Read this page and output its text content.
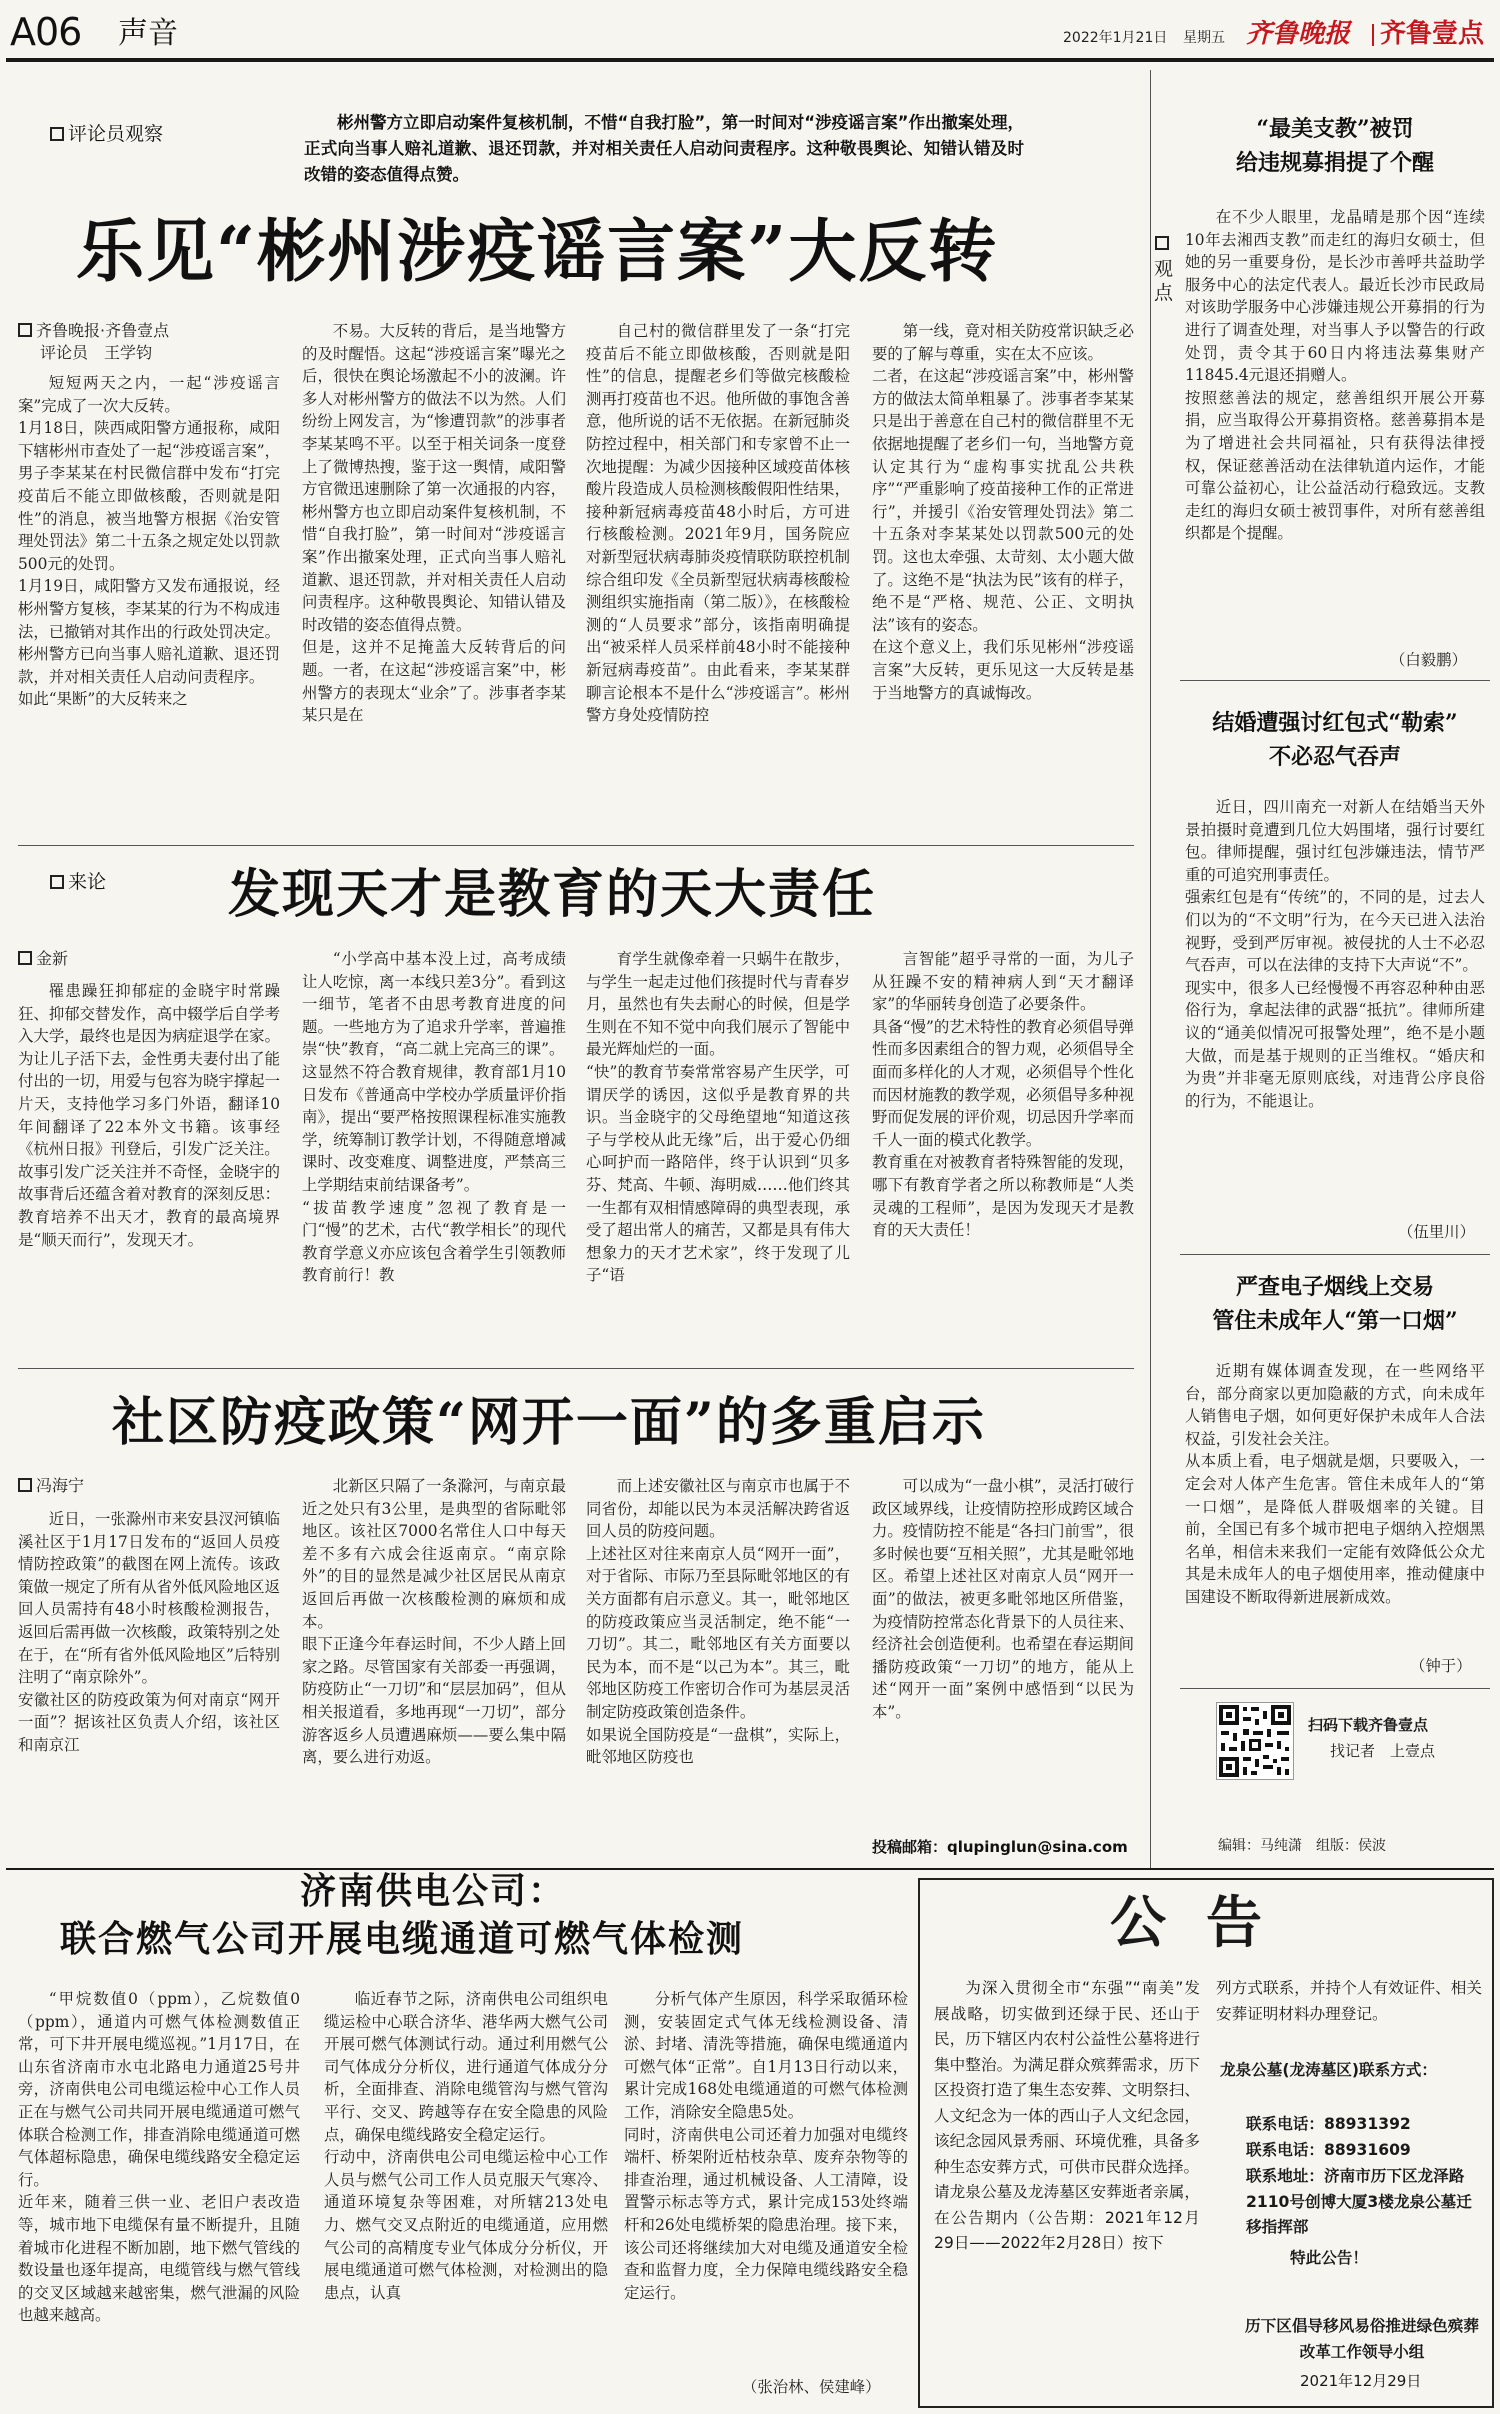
A06 声音	2022年1月21日 星期五 齐鲁晚报 齐鲁壹点
评论员观察
彬州警方立即启动案件复核机制，不惜“自我打脸”，第一时间对“涉疫谣言案”作出撤案处理，正式向当事人赔礼道歉、退还罚款，并对相关责任人启动问责程序。这种敬畏舆论、知错认错及时改错的姿态值得点赞。
乐见“彬州涉疫谣言案”大反转
齐鲁晚报·齐鲁壹点
评论员　王学钧
短短两天之内，一起“涉疫谣言案”完成了一次大反转。
1月18日，陕西咸阳警方通报称，咸阳下辖彬州市查处了一起“涉疫谣言案”，男子李某某在村民微信群中发布“打完疫苗后不能立即做核酸，否则就是阳性”的消息，被当地警方根据《治安管理处罚法》第二十五条之规定处以罚款500元的处罚。
1月19日，咸阳警方又发布通报说，经彬州警方复核，李某某的行为不构成违法，已撤销对其作出的行政处罚决定。彬州警方已向当事人赔礼道歉、退还罚款，并对相关责任人启动问责程序。
如此“果断”的大反转来之
不易。大反转的背后，是当地警方的及时醒悟。这起“涉疫谣言案”曝光之后，很快在舆论场激起不小的波澜。许多人对彬州警方的做法不以为然。人们纷纷上网发言，为“惨遭罚款”的涉事者李某某鸣不平。以至于相关词条一度登上了微博热搜，鉴于这一舆情，咸阳警方官微迅速删除了第一次通报的内容，彬州警方也立即启动案件复核机制，不惜“自我打脸”，第一时间对“涉疫谣言案”作出撤案处理，正式向当事人赔礼道歉、退还罚款，并对相关责任人启动问责程序。这种敬畏舆论、知错认错及时改错的姿态值得点赞。
但是，这并不足掩盖大反转背后的问题。一者，在这起“涉疫谣言案”中，彬州警方的表现太“业余”了。涉事者李某某只是在
自己村的微信群里发了一条“打完疫苗后不能立即做核酸，否则就是阳性”的信息，提醒老乡们等做完核酸检测再打疫苗也不迟。他所做的事饱含善意，他所说的话不无依据。在新冠肺炎防控过程中，相关部门和专家曾不止一次地提醒：为减少因接种区域疫苗体核酸片段造成人员检测核酸假阳性结果，接种新冠病毒疫苗48小时后，方可进行核酸检测。2021年9月，国务院应对新型冠状病毒肺炎疫情联防联控机制综合组印发《全员新型冠状病毒核酸检测组织实施指南（第二版）》，在核酸检测的“人员要求”部分，该指南明确提出“被采样人员采样前48小时不能接种新冠病毒疫苗”。由此看来，李某某群聊言论根本不是什么“涉疫谣言”。彬州警方身处疫情防控
第一线，竟对相关防疫常识缺乏必要的了解与尊重，实在太不应该。
二者，在这起“涉疫谣言案”中，彬州警方的做法太简单粗暴了。涉事者李某某只是出于善意在自己村的微信群里不无依据地提醒了老乡们一句，当地警方竟认定其行为“虚构事实扰乱公共秩序”“严重影响了疫苗接种工作的正常进行”，并援引《治安管理处罚法》第二十五条对李某某处以罚款500元的处罚。这也太牵强、太苛刻、太小题大做了。这绝不是“执法为民”该有的样子，绝不是“严格、规范、公正、文明执法”该有的姿态。
在这个意义上，我们乐见彬州“涉疫谣言案”大反转，更乐见这一大反转是基于当地警方的真诚悔改。
来论 发现天才是教育的天大责任
金新
罹患躁狂抑郁症的金晓宇时常躁狂、抑郁交替发作，高中辍学后自学考入大学，最终也是因为病症退学在家。为让儿子活下去，金性勇夫妻付出了能付出的一切，用爱与包容为晓宇撑起一片天，支持他学习多门外语，翻译10年间翻译了22本外文书籍。该事经《杭州日报》刊登后，引发广泛关注。
故事引发广泛关注并不奇怪，金晓宇的故事背后还蕴含着对教育的深刻反思：教育培养不出天才，教育的最高境界是“顺天而行”，发现天才。
“小学高中基本没上过，高考成绩让人吃惊，离一本线只差3分”。看到这一细节，笔者不由思考教育进度的问题。一些地方为了追求升学率，普遍推崇“快”教育，“高二就上完高三的课”。
这显然不符合教育规律，教育部1月10日发布《普通高中学校办学质量评价指南》，提出“要严格按照课程标准实施教学，统筹制订教学计划，不得随意增减课时、改变难度、调整进度，严禁高三上学期结束前结课备考”。
“拔苗教学速度”忽视了教育是一门“慢”的艺术，古代“教学相长”的现代教育学意义亦应该包含着学生引领教师教育前行！教
育学生就像牵着一只蜗牛在散步，与学生一起走过他们孩提时代与青春岁月，虽然也有失去耐心的时候，但是学生则在不知不觉中向我们展示了智能中最光辉灿烂的一面。
“快”的教育节奏常常容易产生厌学，可谓厌学的诱因，这似乎是教育界的共识。当金晓宇的父母绝望地“知道这孩子与学校从此无缘”后，出于爱心仍细心呵护而一路陪伴，终于认识到“贝多芬、梵高、牛顿、海明威……他们终其一生都有双相情感障碍的典型表现，承受了超出常人的痛苦，又都是具有伟大想象力的天才艺术家”，终于发现了儿子“语
言智能”超乎寻常的一面，为儿子从狂躁不安的精神病人到“天才翻译家”的华丽转身创造了必要条件。
具备“慢”的艺术特性的教育必须倡导弹性而多因素组合的智力观，必须倡导全面而多样化的人才观，必须倡导个性化而因材施教的教学观，必须倡导多种视野而促发展的评价观，切忌因升学率而千人一面的模式化教学。
教育重在对被教育者特殊智能的发现，哪下有教育学者之所以称教师是“人类灵魂的工程师”，是因为发现天才是教育的天大责任！
社区防疫政策“网开一面”的多重启示
冯海宁
近日，一张滁州市来安县汊河镇临溪社区于1月17日发布的“返回人员疫情防控政策”的截图在网上流传。该政策做一规定了所有从省外低风险地区返回人员需持有48小时核酸检测报告，返回后需再做一次核酸，政策特别之处在于，在“所有省外低风险地区”后特别注明了“南京除外”。
安徽社区的防疫政策为何对南京“网开一面”？据该社区负责人介绍，该社区和南京江
北新区只隔了一条滁河，与南京最近之处只有3公里，是典型的省际毗邻地区。该社区7000名常住人口中每天差不多有六成会往返南京。“南京除外”的目的显然是减少社区居民从南京返回后再做一次核酸检测的麻烦和成本。
眼下正逢今年春运时间，不少人踏上回家之路。尽管国家有关部委一再强调，防疫防止“一刀切”和“层层加码”，但从相关报道看，多地再现“一刀切”，部分游客返乡人员遭遇麻烦——要么集中隔离，要么进行劝返。
而上述安徽社区与南京市也属于不同省份，却能以民为本灵活解决跨省返回人员的防疫问题。
上述社区对往来南京人员“网开一面”，对于省际、市际乃至县际毗邻地区的有关方面都有启示意义。其一，毗邻地区的防疫政策应当灵活制定，绝不能“一刀切”。其二，毗邻地区有关方面要以民为本，而不是“以己为本”。其三，毗邻地区防疫工作密切合作可为基层灵活制定防疫政策创造条件。
如果说全国防疫是“一盘棋”，实际上，毗邻地区防疫也
可以成为“一盘小棋”，灵活打破行政区域界线，让疫情防控形成跨区域合力。疫情防控不能是“各扫门前雪”，很多时候也要“互相关照”，尤其是毗邻地区。希望上述社区对南京人员“网开一面”的做法，被更多毗邻地区所借鉴，为疫情防控常态化背景下的人员往来、经济社会创造便利。也希望在春运期间播防疫政策“一刀切”的地方，能从上述“网开一面”案例中感悟到“以民为本”。
投稿邮箱：qlupinglun@sina.com
观点
“最美支教”被罚
给违规募捐提了个醒
在不少人眼里，龙晶晴是那个因“连续10年去湘西支教”而走红的海归女硕士，但她的另一重要身份，是长沙市善呼共益助学服务中心的法定代表人。最近长沙市民政局对该助学服务中心涉嫌违规公开募捐的行为进行了调查处理，对当事人予以警告的行政处罚，责令其于60日内将违法募集财产11845.4元退还捐赠人。
按照慈善法的规定，慈善组织开展公开募捐，应当取得公开募捐资格。慈善募捐本是为了增进社会共同福祉，只有获得法律授权，保证慈善活动在法律轨道内运作，才能可靠公益初心，让公益活动行稳致远。支教走红的海归女硕士被罚事件，对所有慈善组织都是个提醒。
（白毅鹏）
结婚遭强讨红包式“勒索”
不必忍气吞声
近日，四川南充一对新人在结婚当天外景拍摄时竟遭到几位大妈围堵，强行讨要红包。律师提醒，强讨红包涉嫌违法，情节严重的可追究刑事责任。
强索红包是有“传统”的，不同的是，过去人们以为的“不文明”行为，在今天已进入法治视野，受到严厉审视。被侵扰的人士不必忍气吞声，可以在法律的支持下大声说“不”。
现实中，很多人已经慢慢不再容忍种种由恶俗行为，拿起法律的武器“抵抗”。律师所建议的“通美似情况可报警处理”，绝不是小题大做，而是基于规则的正当维权。“婚庆和为贵”并非毫无原则底线，对违背公序良俗的行为，不能退让。
（伍里川）
严查电子烟线上交易
管住未成年人“第一口烟”
近期有媒体调查发现，在一些网络平台，部分商家以更加隐蔽的方式，向未成年人销售电子烟，如何更好保护未成年人合法权益，引发社会关注。
从本质上看，电子烟就是烟，只要吸入，一定会对人体产生危害。管住未成年人的“第一口烟”，是降低人群吸烟率的关键。目前，全国已有多个城市把电子烟纳入控烟黑名单，相信未来我们一定能有效降低公众尤其是未成年人的电子烟使用率，推动健康中国建设不断取得新进展新成效。
（钟于）
扫码下载齐鲁壹点
找记者　上壹点
编辑：马纯潇　组版：侯波
济南供电公司：
联合燃气公司开展电缆通道可燃气体检测
“甲烷数值0（ppm），乙烷数值0（ppm），通道内可燃气体检测数值正常，可下井开展电缆巡视。”1月17日，在山东省济南市水屯北路电力通道25号井旁，济南供电公司电缆运检中心工作人员正在与燃气公司共同开展电缆通道可燃气体联合检测工作，排查消除电缆通道可燃气体超标隐患，确保电缆线路安全稳定运行。
近年来，随着三供一业、老旧户表改造等，城市地下电缆保有量不断提升，且随着城市化进程不断加剧，地下燃气管线的数设量也逐年提高，电缆管线与燃气管线的交叉区域越来越密集，燃气泄漏的风险也越来越高。
临近春节之际，济南供电公司组织电缆运检中心联合济华、港华两大燃气公司开展可燃气体测试行动。通过利用燃气公司气体成分分析仪，进行通道气体成分分析，全面排查、消除电缆管沟与燃气管沟平行、交叉、跨越等存在安全隐患的风险点，确保电缆线路安全稳定运行。
行动中，济南供电公司电缆运检中心工作人员与燃气公司工作人员克服天气寒冷、通道环境复杂等困难，对所辖213处电力、燃气交叉点附近的电缆通道，应用燃气公司的高精度专业气体成分分析仪，开展电缆通道可燃气体检测，对检测出的隐患点，认真
分析气体产生原因，科学采取循环检测，安装固定式气体无线检测设备、清淤、封堵、清洗等措施，确保电缆通道内可燃气体“正常”。自1月13日行动以来，累计完成168处电缆通道的可燃气体检测工作，消除安全隐患5处。
同时，济南供电公司还着力加强对电缆终端杆、桥架附近枯枝杂草、废弃杂物等的排查治理，通过机械设备、人工清障，设置警示标志等方式，累计完成153处终端杆和26处电缆桥架的隐患治理。接下来，该公司还将继续加大对电缆及通道安全检查和监督力度，全力保障电缆线路安全稳定运行。
（张治林、侯建峰）
公告
为深入贯彻全市“东强”“南美”发展战略，切实做到还绿于民、还山于民，历下辖区内农村公益性公墓将进行集中整治。为满足群众殡葬需求，历下区投资打造了集生态安葬、文明祭扫、人文纪念为一体的西山子人文纪念园，该纪念园风景秀丽、环境优雅，具备多种生态安葬方式，可供市民群众选择。
请龙泉公墓及龙涛墓区安葬逝者亲属，在公告期内（公告期：2021年12月29日——2022年2月28日）按下
列方式联系，并持个人有效证件、相关安葬证明材料办理登记。
龙泉公墓(龙涛墓区)联系方式：
联系电话：88931392
联系电话：88931609
联系地址：济南市历下区龙泽路2110号创博大厦3楼龙泉公墓迁移指挥部
特此公告！
历下区倡导移风易俗推进绿色殡葬改革工作领导小组
2021年12月29日
